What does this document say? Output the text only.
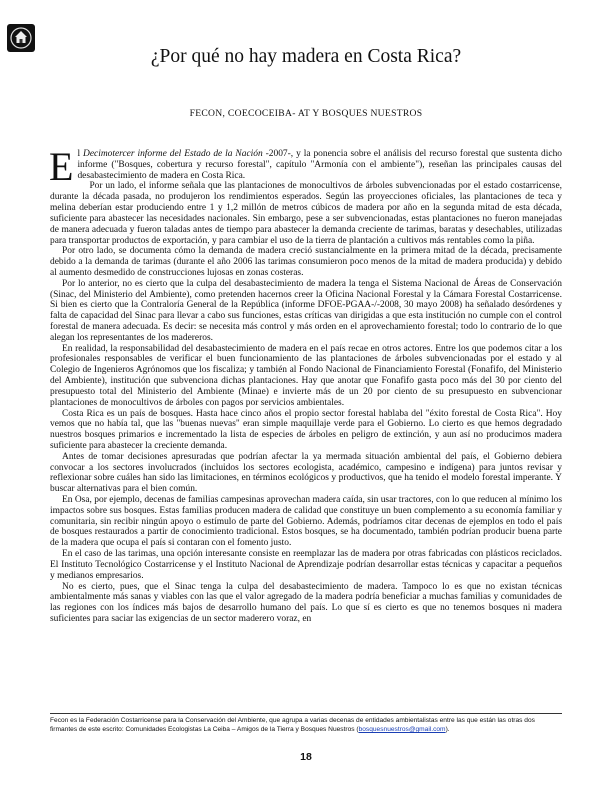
¿Por qué no hay madera en Costa Rica?
FECON, COECOCEIBA- AT Y BOSQUES NUESTROS

El Decimotercer informe del Estado de la Nación -2007-, y la ponencia sobre el análisis del recurso forestal que sustenta dicho informe ("Bosques, cobertura y recurso forestal", capítulo "Armonía con el ambiente"), reseñan las principales causas del desabastecimiento de madera en Costa Rica.

Por un lado, el informe señala que las plantaciones de monocultivos de árboles subvencionadas por el estado costarricense, durante la década pasada, no produjeron los rendimientos esperados. Según las proyecciones oficiales, las plantaciones de teca y melina deberían estar produciendo entre 1 y 1,2 millón de metros cúbicos de madera por año en la segunda mitad de esta década, suficiente para abastecer las necesidades nacionales. Sin embargo, pese a ser subvencionadas, estas plantaciones no fueron manejadas de manera adecuada y fueron taladas antes de tiempo para abastecer la demanda creciente de tarimas, baratas y desechables, utilizadas para transportar productos de exportación, y para cambiar el uso de la tierra de plantación a cultivos más rentables como la piña.

Por otro lado, se documenta cómo la demanda de madera creció sustancialmente en la primera mitad de la década, precisamente debido a la demanda de tarimas (durante el año 2006 las tarimas consumieron poco menos de la mitad de madera producida) y debido al aumento desmedido de construcciones lujosas en zonas costeras.

Por lo anterior, no es cierto que la culpa del desabastecimiento de madera la tenga el Sistema Nacional de Áreas de Conservación (Sinac, del Ministerio del Ambiente), como pretenden hacernos creer la Oficina Nacional Forestal y la Cámara Forestal Costarricense. Si bien es cierto que la Contraloría General de la República (informe DFOE-PGAA-/-2008, 30 mayo 2008) ha señalado desórdenes y falta de capacidad del Sinac para llevar a cabo sus funciones, estas críticas van dirigidas a que esta institución no cumple con el control forestal de manera adecuada. Es decir: se necesita más control y más orden en el aprovechamiento forestal; todo lo contrario de lo que alegan los representantes de los madereros.

En realidad, la responsabilidad del desabastecimiento de madera en el país recae en otros actores. Entre los que podemos citar a los profesionales responsables de verificar el buen funcionamiento de las plantaciones de árboles subvencionadas por el estado y al Colegio de Ingenieros Agrónomos que los fiscaliza; y también al Fondo Nacional de Financiamiento Forestal (Fonafifo, del Ministerio del Ambiente), institución que subvenciona dichas plantaciones. Hay que anotar que Fonafifo gasta poco más del 30 por ciento del presupuesto total del Ministerio del Ambiente (Minae) e invierte más de un 20 por ciento de su presupuesto en subvencionar plantaciones de monocultivos de árboles con pagos por servicios ambientales.

Costa Rica es un país de bosques. Hasta hace cinco años el propio sector forestal hablaba del "éxito forestal de Costa Rica". Hoy vemos que no había tal, que las "buenas nuevas" eran simple maquillaje verde para el Gobierno. Lo cierto es que hemos degradado nuestros bosques primarios e incrementado la lista de especies de árboles en peligro de extinción, y aun así no producimos madera suficiente para abastecer la creciente demanda.

Antes de tomar decisiones apresuradas que podrían afectar la ya mermada situación ambiental del país, el Gobierno debiera convocar a los sectores involucrados (incluidos los sectores ecologista, académico, campesino e indígena) para juntos revisar y reflexionar sobre cuáles han sido las limitaciones, en términos ecológicos y productivos, que ha tenido el modelo forestal imperante. Y buscar alternativas para el bien común.

En Osa, por ejemplo, decenas de familias campesinas aprovechan madera caída, sin usar tractores, con lo que reducen al mínimo los impactos sobre sus bosques. Estas familias producen madera de calidad que constituye un buen complemento a su economía familiar y comunitaria, sin recibir ningún apoyo o estímulo de parte del Gobierno. Además, podríamos citar decenas de ejemplos en todo el país de bosques restaurados a partir de conocimiento tradicional. Estos bosques, se ha documentado, también podrían producir buena parte de la madera que ocupa el país si contaran con el fomento justo.

En el caso de las tarimas, una opción interesante consiste en reemplazar las de madera por otras fabricadas con plásticos reciclados. El Instituto Tecnológico Costarricense y el Instituto Nacional de Aprendizaje podrían desarrollar estas técnicas y capacitar a pequeños y medianos empresarios.

No es cierto, pues, que el Sinac tenga la culpa del desabastecimiento de madera. Tampoco lo es que no existan técnicas ambientalmente más sanas y viables con las que el valor agregado de la madera podría beneficiar a muchas familias y comunidades de las regiones con los índices más bajos de desarrollo humano del país. Lo que sí es cierto es que no tenemos bosques ni madera suficientes para saciar las exigencias de un sector maderero voraz, en

Fecon es la Federación Costarricense para la Conservación del Ambiente, que agrupa a varias decenas de entidades ambientalistas entre las que están las otras dos firmantes de este escrito: Comunidades Ecologistas La Ceiba – Amigos de la Tierra y Bosques Nuestros (bosquesnuestros@gmail.com).
18
